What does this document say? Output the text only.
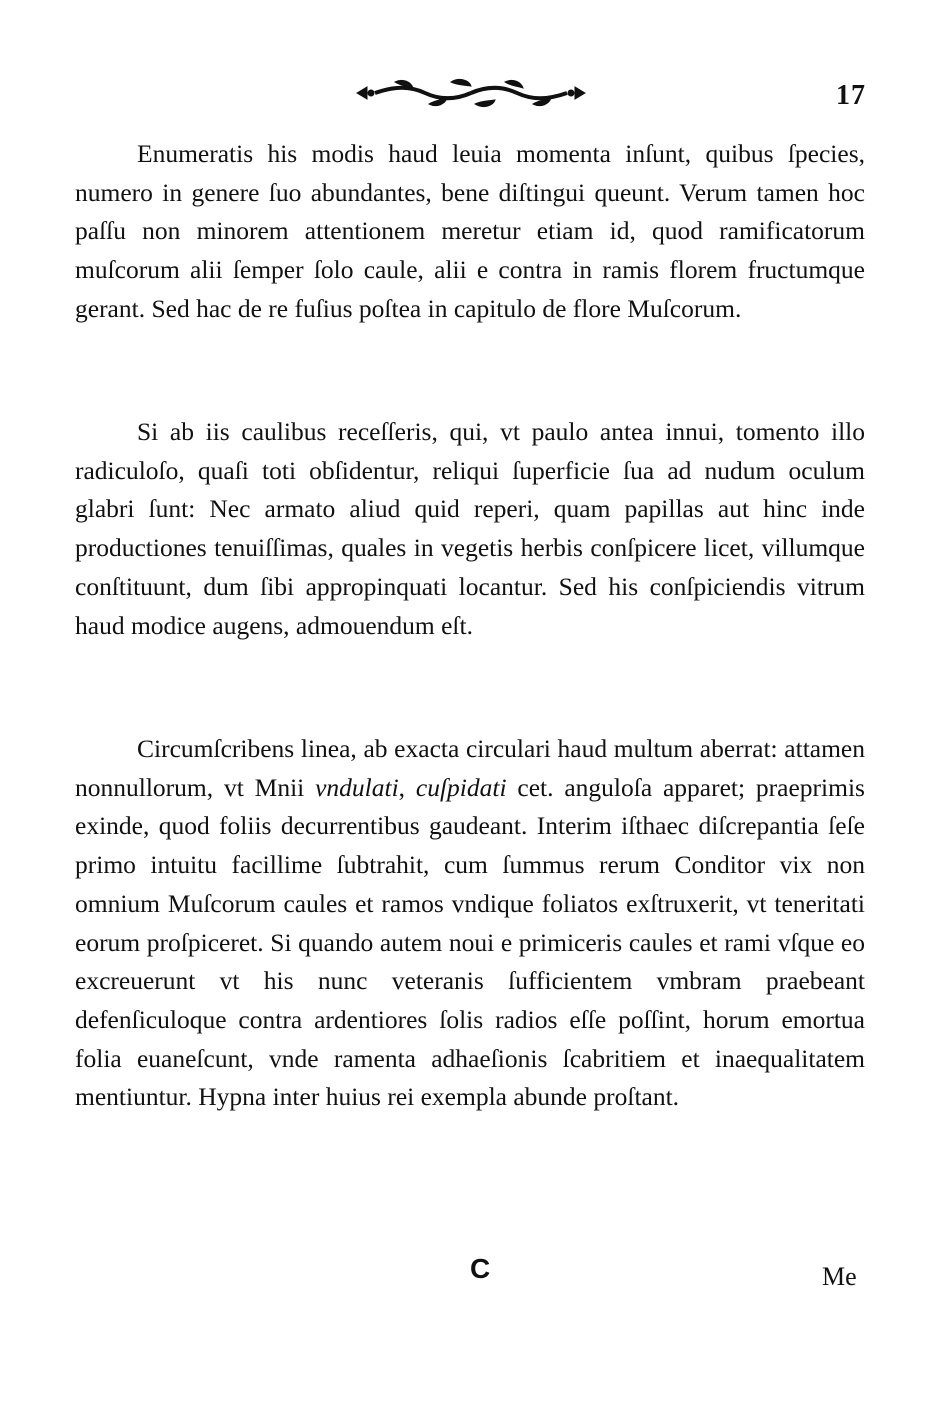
17

Enumeratis his modis haud leuia momenta inſunt, quibus ſpecies, numero in genere ſuo abundantes, bene diſtingui queunt. Verum tamen hoc paſſu non minorem attentionem meretur etiam id, quod ramificatorum muſcorum alii ſemper ſolo caule, alii e contra in ramis florem fructumque gerant. Sed hac de re fuſius poſtea in capitulo de flore Muſcorum.

Si ab iis caulibus receſſeris, qui, vt paulo antea innui, tomento illo radiculoſo, quaſi toti obſidentur, reliqui ſuperficie ſua ad nudum oculum glabri ſunt: Nec armato aliud quid reperi, quam papillas aut hinc inde productiones tenuiſſimas, quales in vegetis herbis conſpicere licet, villumque conſtituunt, dum ſibi appropinquati locantur. Sed his conſpiciendis vitrum haud modice augens, admouendum eſt.

Circumſcribens linea, ab exacta circulari haud multum aberrat: attamen nonnullorum, vt Mnii vndulati, cuſpidati cet. anguloſa apparet; praeprimis exinde, quod foliis decurrentibus gaudeant. Interim iſthaec diſcrepantia ſeſe primo intuitu facillime ſubtrahit, cum ſummus rerum Conditor vix non omnium Muſcorum caules et ramos vndique foliatos exſtruxerit, vt teneritati eorum proſpiceret. Si quando autem noui e primiceris caules et rami vſque eo excreuerunt vt his nunc veteranis ſufficientem vmbram praebeant defenſiculoque contra ardentiores ſolis radios eſſe poſſint, horum emortua folia euaneſcunt, vnde ramenta adhaeſionis ſcabritiem et inaequalitatem mentiuntur. Hypna inter huius rei exempla abunde proſtant.

C	Me
